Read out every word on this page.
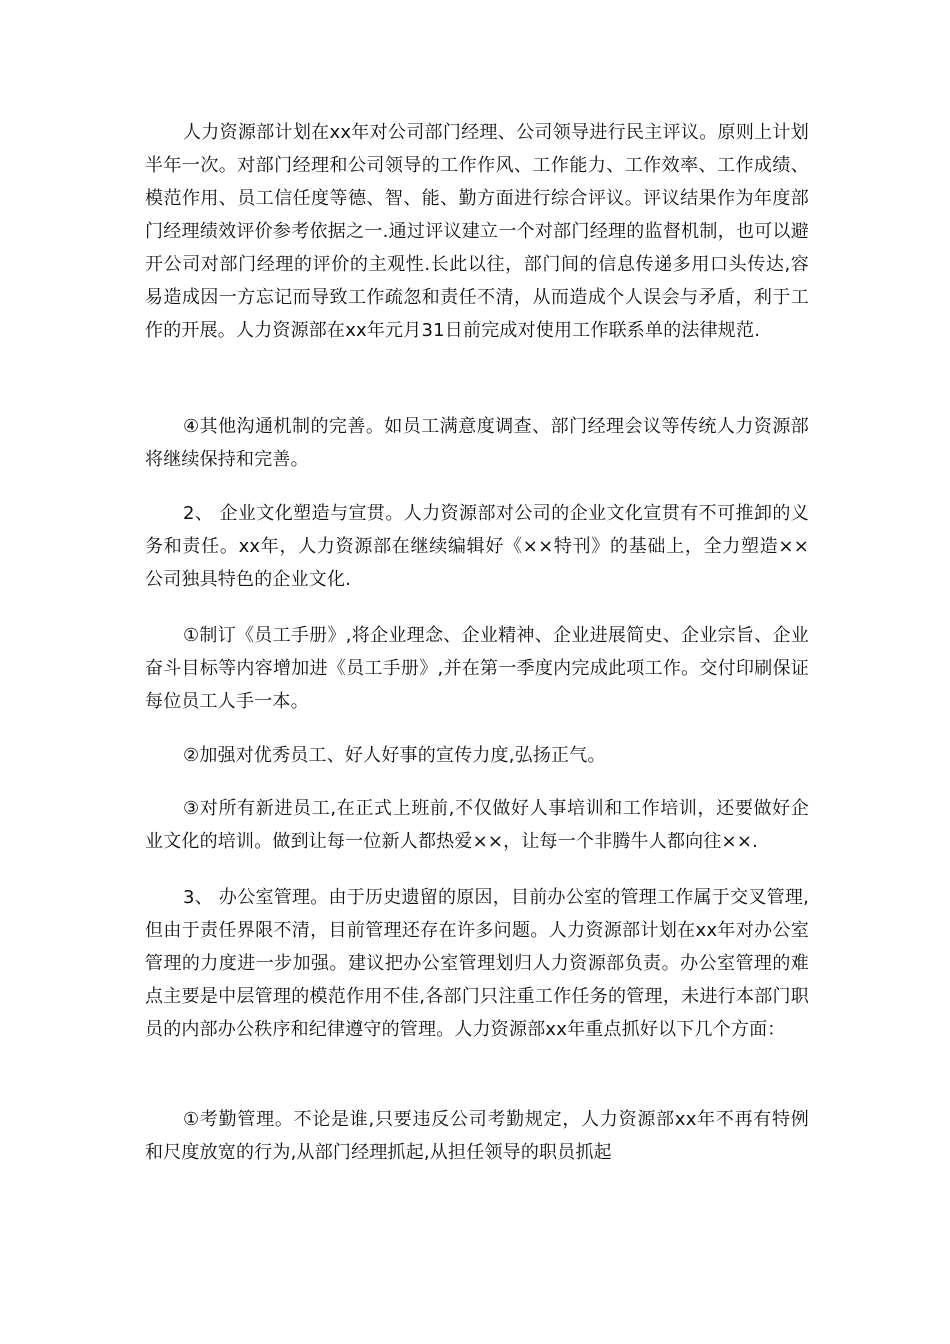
人力资源部计划在xx年对公司部门经理、公司领导进行民主评议。原则上计划半年一次。对部门经理和公司领导的工作作风、工作能力、工作效率、工作成绩、模范作用、员工信任度等德、智、能、勤方面进行综合评议。评议结果作为年度部门经理绩效评价参考依据之一.通过评议建立一个对部门经理的监督机制，也可以避开公司对部门经理的评价的主观性.长此以往，部门间的信息传递多用口头传达,容易造成因一方忘记而导致工作疏忽和责任不清，从而造成个人误会与矛盾，利于工作的开展。人力资源部在xx年元月31日前完成对使用工作联系单的法律规范.

④其他沟通机制的完善。如员工满意度调查、部门经理会议等传统人力资源部将继续保持和完善。

2、 企业文化塑造与宣贯。人力资源部对公司的企业文化宣贯有不可推卸的义务和责任。xx年，人力资源部在继续编辑好《××特刊》的基础上，全力塑造××公司独具特色的企业文化.

①制订《员工手册》,将企业理念、企业精神、企业进展简史、企业宗旨、企业奋斗目标等内容增加进《员工手册》,并在第一季度内完成此项工作。交付印刷保证每位员工人手一本。

②加强对优秀员工、好人好事的宣传力度,弘扬正气。

③对所有新进员工,在正式上班前,不仅做好人事培训和工作培训，还要做好企业文化的培训。做到让每一位新人都热爱××，让每一个非腾牛人都向往××.

3、 办公室管理。由于历史遗留的原因，目前办公室的管理工作属于交叉管理,但由于责任界限不清，目前管理还存在许多问题。人力资源部计划在xx年对办公室管理的力度进一步加强。建议把办公室管理划归人力资源部负责。办公室管理的难点主要是中层管理的模范作用不佳,各部门只注重工作任务的管理，未进行本部门职员的内部办公秩序和纪律遵守的管理。人力资源部xx年重点抓好以下几个方面：

①考勤管理。不论是谁,只要违反公司考勤规定，人力资源部xx年不再有特例和尺度放宽的行为,从部门经理抓起,从担任领导的职员抓起
